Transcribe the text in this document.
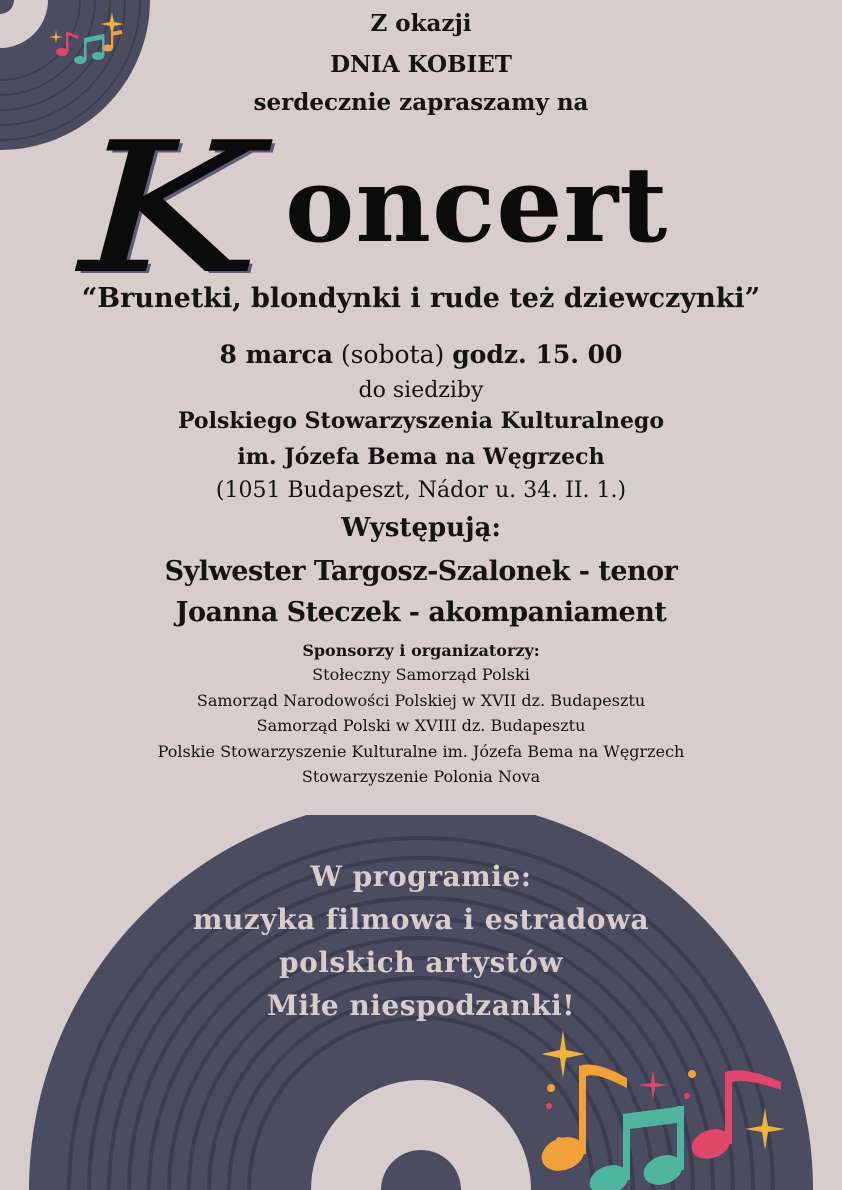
Z okazji
DNIA KOBIET
serdecznie zapraszamy na
K oncert
“Brunetki, blondynki i rude też dziewczynki”
8 marca (sobota) godz. 15. 00
do siedziby
Polskiego Stowarzyszenia Kulturalnego
im. Józefa Bema na Węgrzech
(1051 Budapeszt, Nádor u. 34. II. 1.)
Występują:
Sylwester Targosz-Szalonek - tenor
Joanna Steczek - akompaniament
Sponsorzy i organizatorzy:
Stołeczny Samorząd Polski
Samorząd Narodowości Polskiej w XVII dz. Budapesztu
Samorząd Polski w XVIII dz. Budapesztu
Polskie Stowarzyszenie Kulturalne im. Józefa Bema na Węgrzech
Stowarzyszenie Polonia Nova
W programie:
muzyka filmowa i estradowa
polskich artystów
Miłe niespodzanki!
